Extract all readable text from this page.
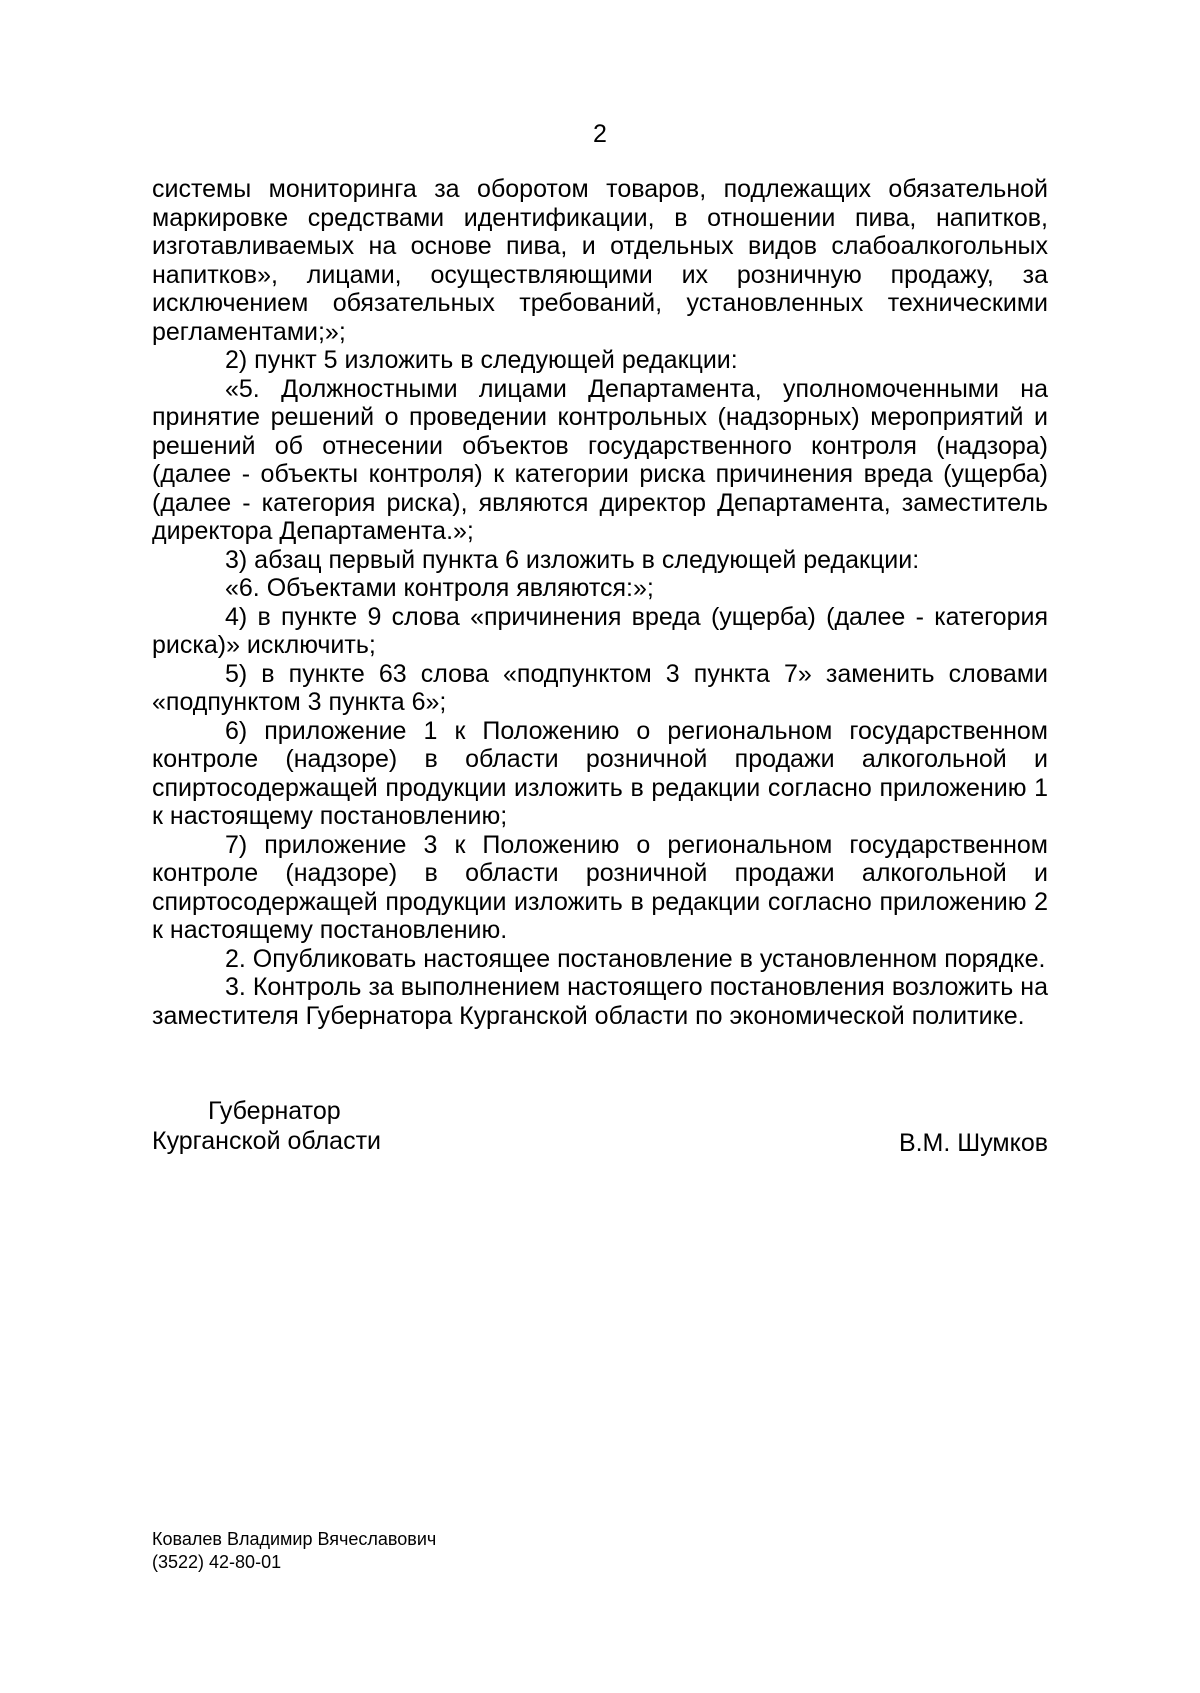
2

системы мониторинга за оборотом товаров, подлежащих обязательной маркировке средствами идентификации, в отношении пива, напитков, изготавливаемых на основе пива, и отдельных видов слабоалкогольных напитков», лицами, осуществляющими их розничную продажу, за исключением обязательных требований, установленных техническими регламентами;»;

2) пункт 5 изложить в следующей редакции:

«5. Должностными лицами Департамента, уполномоченными на принятие решений о проведении контрольных (надзорных) мероприятий и решений об отнесении объектов государственного контроля (надзора) (далее - объекты контроля) к категории риска причинения вреда (ущерба) (далее - категория риска), являются директор Департамента, заместитель директора Департамента.»;

3) абзац первый пункта 6 изложить в следующей редакции:

«6. Объектами контроля являются:»;

4) в пункте 9 слова «причинения вреда (ущерба) (далее - категория риска)» исключить;

5) в пункте 63 слова «подпунктом 3 пункта 7» заменить словами «подпунктом 3 пункта 6»;

6) приложение 1 к Положению о региональном государственном контроле (надзоре) в области розничной продажи алкогольной и спиртосодержащей продукции изложить в редакции согласно приложению 1 к настоящему постановлению;

7) приложение 3 к Положению о региональном государственном контроле (надзоре) в области розничной продажи алкогольной и спиртосодержащей продукции изложить в редакции согласно приложению 2 к настоящему постановлению.

2. Опубликовать настоящее постановление в установленном порядке.

3. Контроль за выполнением настоящего постановления возложить на заместителя Губернатора Курганской области по экономической политике.

Губернатор
Курганской области	В.М. Шумков
Ковалев Владимир Вячеславович
(3522) 42-80-01
